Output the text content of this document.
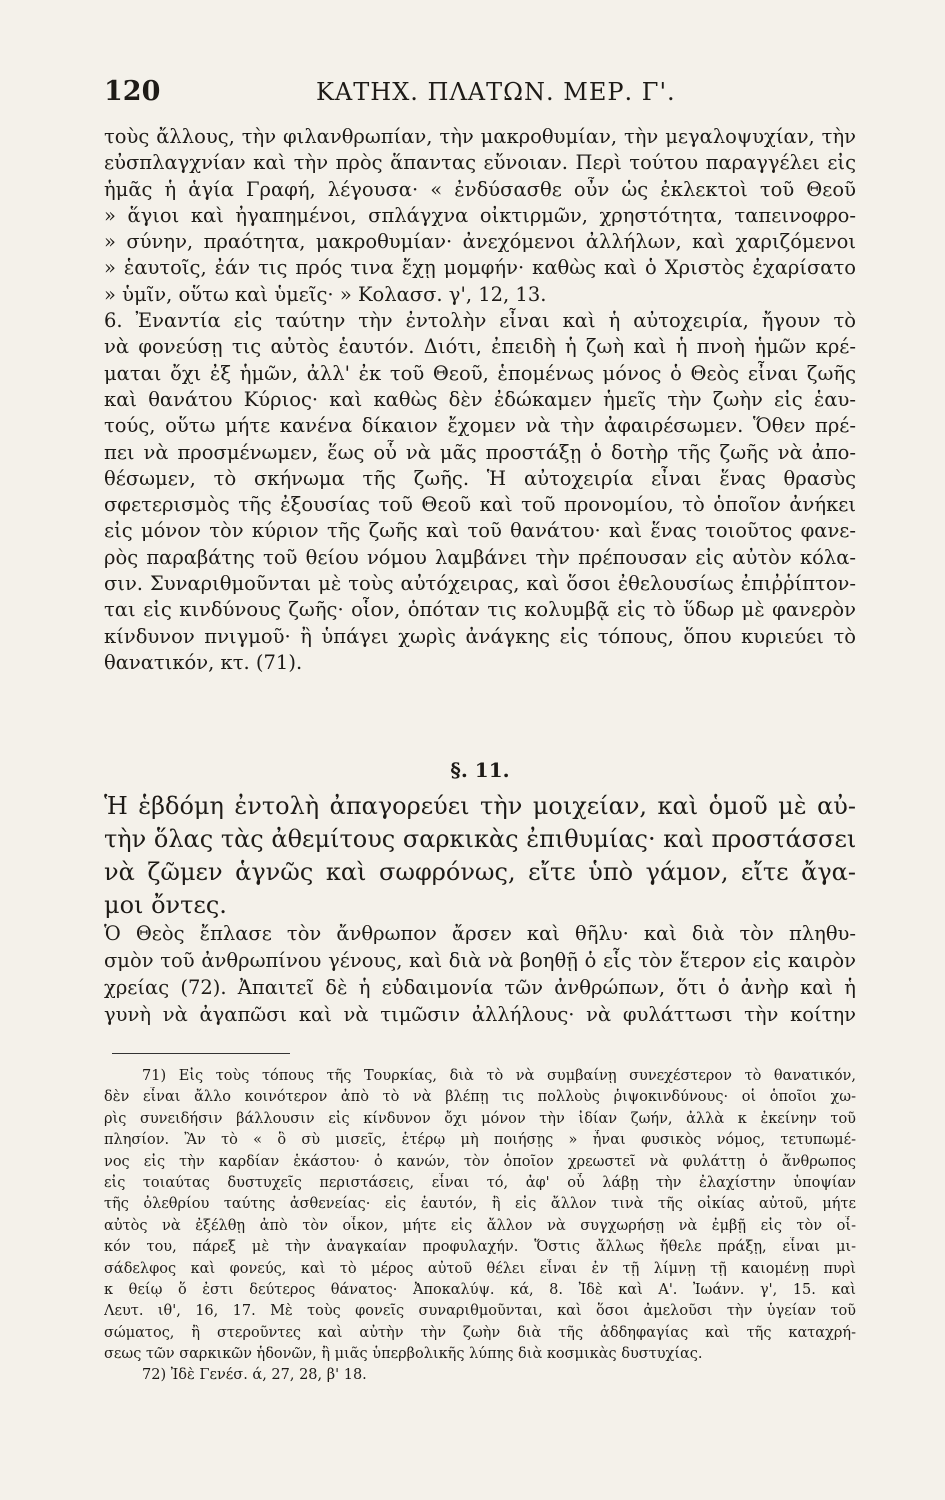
120	ΚΑΤΗΧ. ΠΛΑΤΩΝ. ΜΕΡ. Γ'.
τοὺς ἄλλους, τὴν φιλανθρωπίαν, τὴν μακροθυμίαν, τὴν μεγαλοψυχίαν, τὴν
εὐσπλαγχνίαν καὶ τὴν πρὸς ἅπαντας εὔνοιαν. Περὶ τούτου παραγγέλει εἰς
ἡμᾶς ἡ ἁγία Γραφή, λέγουσα· « ἐνδύσασθε οὖν ὡς ἐκλεκτοὶ τοῦ Θεοῦ
» ἅγιοι καὶ ἠγαπημένοι, σπλάγχνα οἰκτιρμῶν, χρηστότητα, ταπεινοφρο-
» σύνην, πραότητα, μακροθυμίαν· ἀνεχόμενοι ἀλλήλων, καὶ χαριζόμενοι
» ἑαυτοῖς, ἐάν τις πρός τινα ἔχῃ μομφήν· καθὼς καὶ ὁ Χριστὸς ἐχαρίσατο
» ὑμῖν, οὕτω καὶ ὑμεῖς· » Κολασσ. γ', 12, 13.
6. Ἐναντία εἰς ταύτην τὴν ἐντολὴν εἶναι καὶ ἡ αὐτοχειρία, ἤγουν τὸ
νὰ φονεύσῃ τις αὐτὸς ἑαυτόν. Διότι, ἐπειδὴ ἡ ζωὴ καὶ ἡ πνοὴ ἡμῶν κρέ-
μαται ὄχι ἐξ ἡμῶν, ἀλλ' ἐκ τοῦ Θεοῦ, ἑπομένως μόνος ὁ Θεὸς εἶναι ζωῆς
καὶ θανάτου Κύριος· καὶ καθὼς δὲν ἐδώκαμεν ἡμεῖς τὴν ζωὴν εἰς ἑαυ-
τούς, οὕτω μήτε κανένα δίκαιον ἔχομεν νὰ τὴν ἀφαιρέσωμεν. Ὅθεν πρέ-
πει νὰ προσμένωμεν, ἕως οὗ νὰ μᾶς προστάξῃ ὁ δοτὴρ τῆς ζωῆς νὰ ἀπο-
θέσωμεν, τὸ σκήνωμα τῆς ζωῆς. Ἡ αὐτοχειρία εἶναι ἕνας θρασὺς
σφετερισμὸς τῆς ἐξουσίας τοῦ Θεοῦ καὶ τοῦ προνομίου, τὸ ὁποῖον ἀνήκει
εἰς μόνον τὸν κύριον τῆς ζωῆς καὶ τοῦ θανάτου· καὶ ἕνας τοιοῦτος φανε-
ρὸς παραβάτης τοῦ θείου νόμου λαμβάνει τὴν πρέπουσαν εἰς αὐτὸν κόλα-
σιν. Συναριθμοῦνται μὲ τοὺς αὐτόχειρας, καὶ ὅσοι ἐθελουσίως ἐπιῤῥίπτον-
ται εἰς κινδύνους ζωῆς· οἷον, ὁπόταν τις κολυμβᾷ εἰς τὸ ὕδωρ μὲ φανερὸν
κίνδυνον πνιγμοῦ· ἢ ὑπάγει χωρὶς ἀνάγκης εἰς τόπους, ὅπου κυριεύει τὸ
θανατικόν, κτ. (71).
§. 11.
Ἡ ἑβδόμη ἐντολὴ ἀπαγορεύει τὴν μοιχείαν, καὶ ὁμοῦ μὲ αὐ-
τὴν ὅλας τὰς ἀθεμίτους σαρκικὰς ἐπιθυμίας· καὶ προστάσσει
νὰ ζῶμεν ἁγνῶς καὶ σωφρόνως, εἴτε ὑπὸ γάμον, εἴτε ἄγα-
μοι ὄντες.
Ὁ Θεὸς ἔπλασε τὸν ἄνθρωπον ἄρσεν καὶ θῆλυ· καὶ διὰ τὸν πληθυ-
σμὸν τοῦ ἀνθρωπίνου γένους, καὶ διὰ νὰ βοηθῇ ὁ εἷς τὸν ἕτερον εἰς καιρὸν
χρείας (72). Ἀπαιτεῖ δὲ ἡ εὐδαιμονία τῶν ἀνθρώπων, ὅτι ὁ ἀνὴρ καὶ ἡ
γυνὴ νὰ ἀγαπῶσι καὶ νὰ τιμῶσιν ἀλλήλους· νὰ φυλάττωσι τὴν κοίτην
71) Εἰς τοὺς τόπους τῆς Τουρκίας, διὰ τὸ νὰ συμβαίνῃ συνεχέστερον τὸ θανατικόν,
δὲν εἶναι ἄλλο κοινότερον ἀπὸ τὸ νὰ βλέπῃ τις πολλοὺς ῥιψοκινδύνους· οἱ ὁποῖοι χω-
ρὶς συνειδήσιν βάλλουσιν εἰς κίνδυνον ὄχι μόνον τὴν ἰδίαν ζωήν, ἀλλὰ κ ἐκείνην τοῦ
πλησίον. Ἂν τὸ « ὃ σὺ μισεῖς, ἑτέρῳ μὴ ποιήσῃς » ἦναι φυσικὸς νόμος, τετυπωμέ-
νος εἰς τὴν καρδίαν ἑκάστου· ὁ κανών, τὸν ὁποῖον χρεωστεῖ νὰ φυλάττῃ ὁ ἄνθρωπος
εἰς τοιαύτας δυστυχεῖς περιστάσεις, εἶναι τό, ἀφ' οὗ λάβῃ τὴν ἐλαχίστην ὑποψίαν
τῆς ὀλεθρίου ταύτης ἀσθενείας· εἰς ἑαυτόν, ἢ εἰς ἄλλον τινὰ τῆς οἰκίας αὐτοῦ, μήτε
αὐτὸς νὰ ἐξέλθῃ ἀπὸ τὸν οἶκον, μήτε εἰς ἄλλον νὰ συγχωρήσῃ νὰ ἐμβῇ εἰς τὸν οἶ-
κόν του, πάρεξ μὲ τὴν ἀναγκαίαν προφυλαχήν. Ὅστις ἄλλως ἤθελε πράξῃ, εἶναι μι-
σάδελφος καὶ φονεύς, καὶ τὸ μέρος αὐτοῦ θέλει εἶναι ἐν τῇ λίμνῃ τῇ καιομένῃ πυρὶ
κ θείῳ ὅ ἐστι δεύτερος θάνατος· Ἀποκαλύψ. κά, 8. Ἰδὲ καὶ Α'. Ἰωάνν. γ', 15. καὶ
Λευτ. ιθ', 16, 17. Μὲ τοὺς φονεῖς συναριθμοῦνται, καὶ ὅσοι ἀμελοῦσι τὴν ὑγείαν τοῦ
σώματος, ἢ στεροῦντες καὶ αὐτὴν τὴν ζωὴν διὰ τῆς ἀδδηφαγίας καὶ τῆς καταχρή-
σεως τῶν σαρκικῶν ἡδονῶν, ἢ μιᾶς ὑπερβολικῆς λύπης διὰ κοσμικὰς δυστυχίας.
72) Ἰδὲ Γενέσ. ά, 27, 28, β' 18.
